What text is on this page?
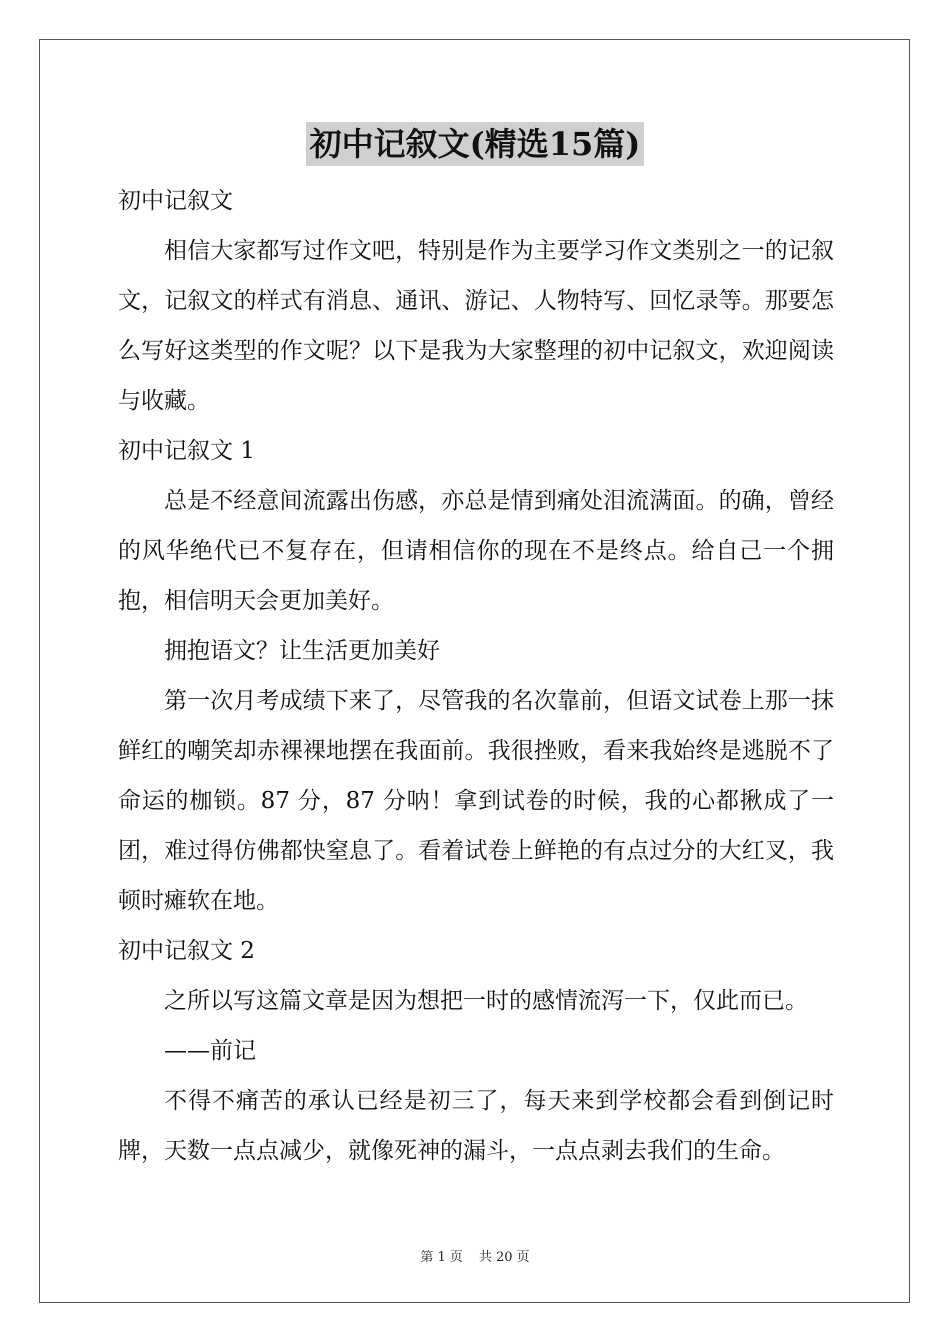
初中记叙文(精选15篇)

初中记叙文

相信大家都写过作文吧，特别是作为主要学习作文类别之一的记叙文，记叙文的样式有消息、通讯、游记、人物特写、回忆录等。那要怎么写好这类型的作文呢？以下是我为大家整理的初中记叙文，欢迎阅读与收藏。

初中记叙文 1

总是不经意间流露出伤感，亦总是情到痛处泪流满面。的确，曾经的风华绝代已不复存在，但请相信你的现在不是终点。给自己一个拥抱，相信明天会更加美好。

拥抱语文？让生活更加美好

第一次月考成绩下来了，尽管我的名次靠前，但语文试卷上那一抹鲜红的嘲笑却赤裸裸地摆在我面前。我很挫败，看来我始终是逃脱不了命运的枷锁。87 分，87 分呐！拿到试卷的时候，我的心都揪成了一团，难过得仿佛都快窒息了。看着试卷上鲜艳的有点过分的大红叉，我顿时瘫软在地。

初中记叙文 2

之所以写这篇文章是因为想把一时的感情流泻一下，仅此而已。

——前记

不得不痛苦的承认已经是初三了，每天来到学校都会看到倒记时牌，天数一点点减少，就像死神的漏斗，一点点剥去我们的生命。

第 1 页 共 20 页
